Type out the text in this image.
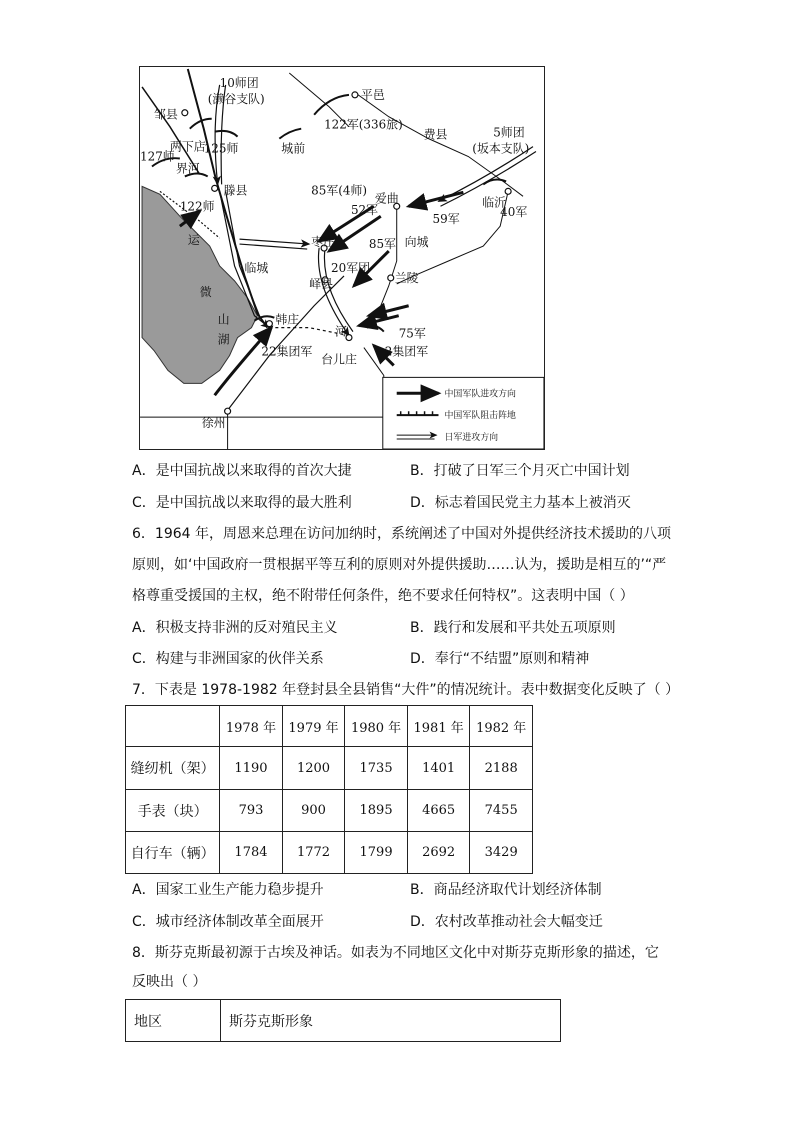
10师团
(濑谷支队)
邹县
平邑
122军(336旅)
费县	5师团
(坂本支队)
127师
两下店
125师
界河
城前
滕县
122师
85军(4师)
爱曲	临沂
40军
52军
59军
运	枣庄	85军 向城
20军团
临城
微
峄县	兰陵
山
湖
韩庄
河	75军
22集团军
台儿庄
2集团军
徐州
中国军队进攻方向
中国军队阻击阵地
日军进攻方向
A．是中国抗战以来取得的首次大捷	B．打破了日军三个月灭亡中国计划
C．是中国抗战以来取得的最大胜利	D．标志着国民党主力基本上被消灭
6．1964 年，周恩来总理在访问加纳时，系统阐述了中国对外提供经济技术援助的八项
原则，如‘中国政府一贯根据平等互利的原则对外提供援助……认为，援助是相互的’“严
格尊重受援国的主权，绝不附带任何条件，绝不要求任何特权”。这表明中国（ ）
A．积极支持非洲的反对殖民主义	B．践行和发展和平共处五项原则
C．构建与非洲国家的伙伴关系	D．奉行“不结盟”原则和精神
7．下表是 1978-1982 年登封县全县销售“大件”的情况统计。表中数据变化反映了（ ）
	1978 年	1979 年	1980 年	1981 年	1982 年
缝纫机（架）	1190	1200	1735	1401	2188
手表（块）	793	900	1895	4665	7455
自行车（辆）	1784	1772	1799	2692	3429
A．国家工业生产能力稳步提升	B．商品经济取代计划经济体制
C．城市经济体制改革全面展开	D．农村改革推动社会大幅变迁
8．斯芬克斯最初源于古埃及神话。如表为不同地区文化中对斯芬克斯形象的描述，它
反映出（ ）
地区	斯芬克斯形象
